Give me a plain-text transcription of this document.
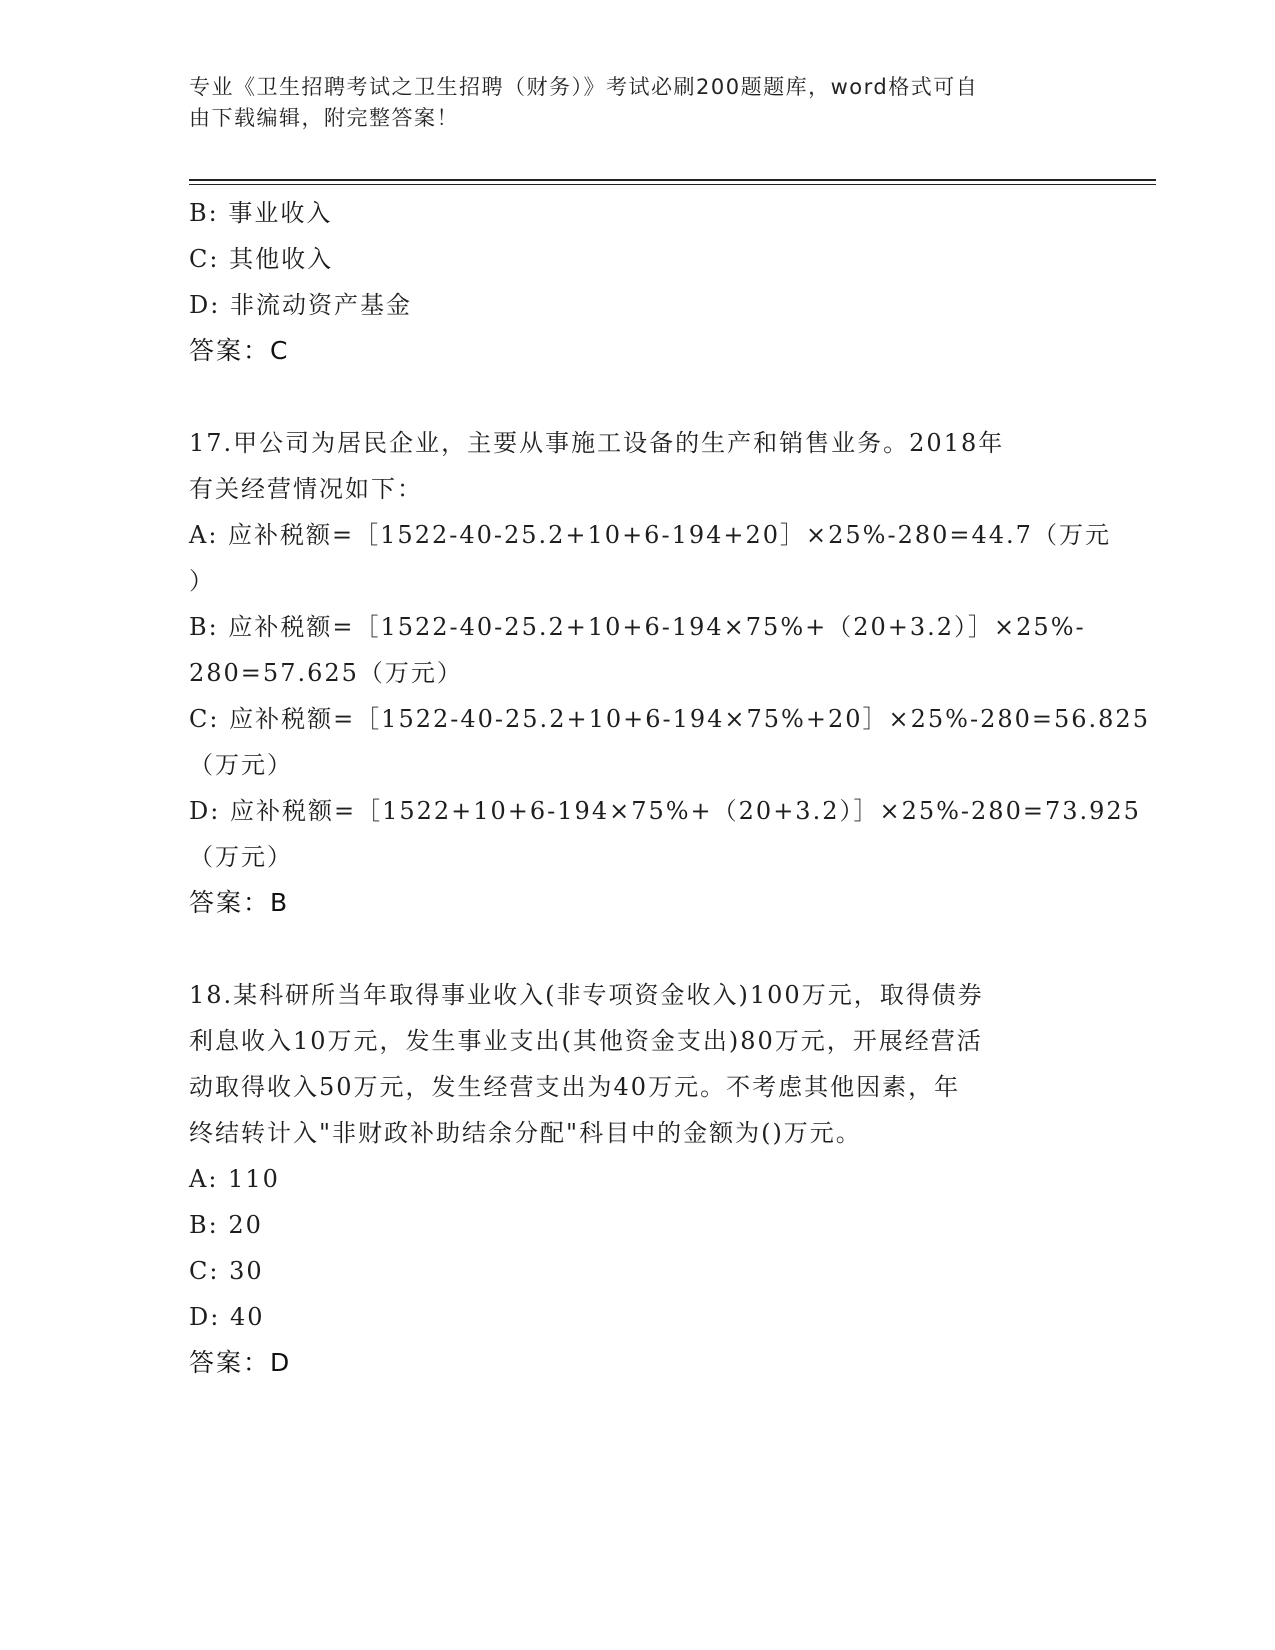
专业《卫生招聘考试之卫生招聘（财务）》考试必刷200题题库，word格式可自
由下载编辑，附完整答案！
B: 事业收入
C: 其他收入
D: 非流动资产基金
答案：C
17.甲公司为居民企业，主要从事施工设备的生产和销售业务。2018年
有关经营情况如下：
A: 应补税额=［1522-40-25.2+10+6-194+20］×25%-280=44.7（万元
）
B: 应补税额=［1522-40-25.2+10+6-194×75%+（20+3.2）］×25%-
280=57.625（万元）
C: 应补税额=［1522-40-25.2+10+6-194×75%+20］×25%-280=56.825
（万元）
D: 应补税额=［1522+10+6-194×75%+（20+3.2）］×25%-280=73.925
（万元）
答案：B
18.某科研所当年取得事业收入(非专项资金收入)100万元，取得债券
利息收入10万元，发生事业支出(其他资金支出)80万元，开展经营活
动取得收入50万元，发生经营支出为40万元。不考虑其他因素，年
终结转计入"非财政补助结余分配"科目中的金额为()万元。
A: 110
B: 20
C: 30
D: 40
答案：D
